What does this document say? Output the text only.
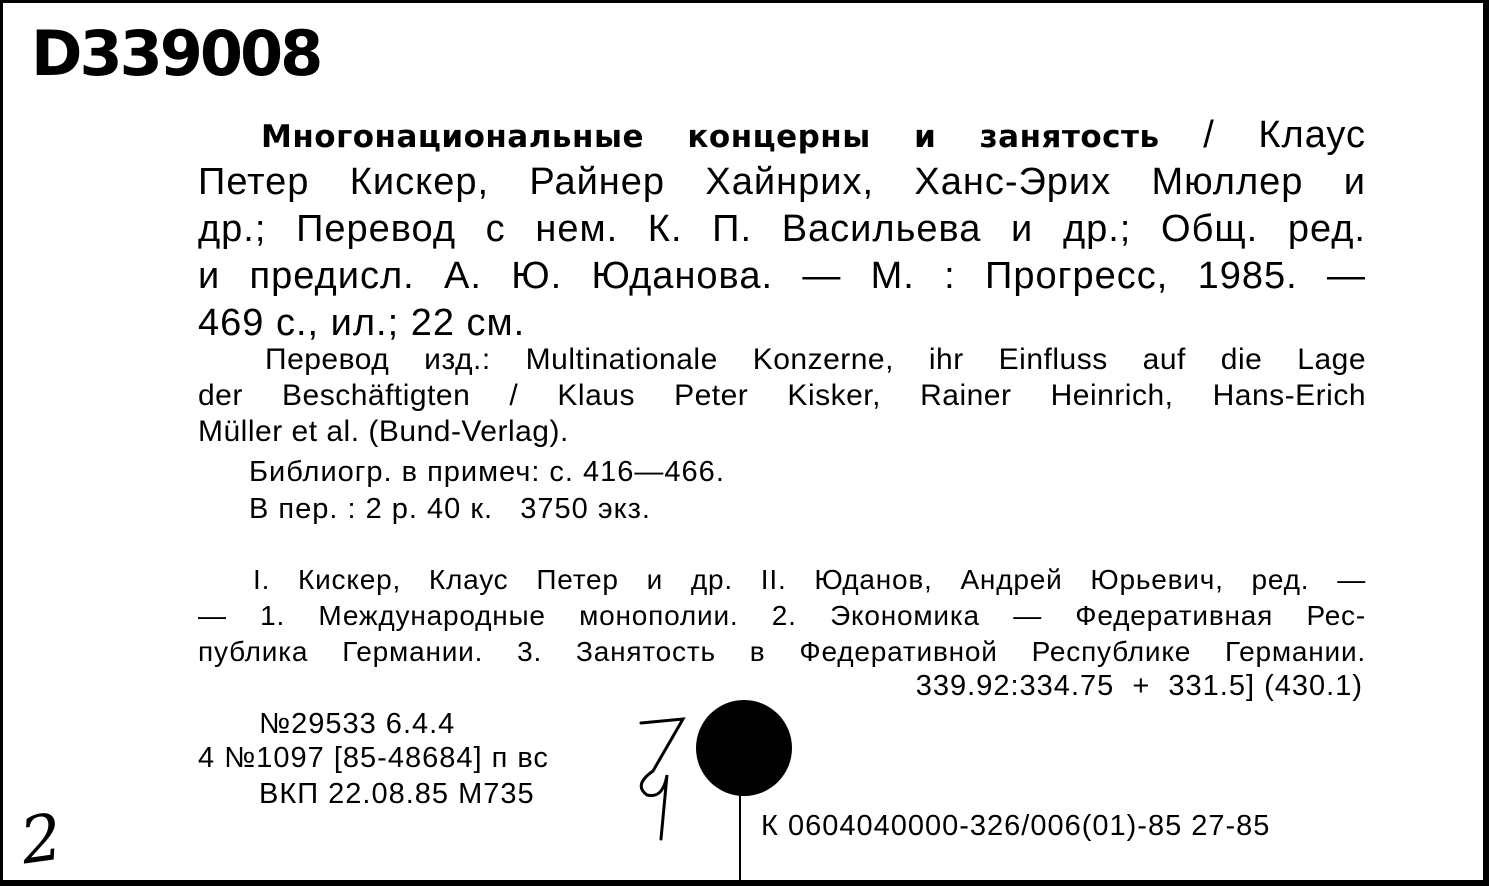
D339008
Многонациональные концерны и занятость / Клаус
Петер Кискер, Райнер Хайнрих, Ханс-Эрих Мюллер и
др.; Перевод с нем. К. П. Васильева и др.; Общ. ред.
и предисл. А. Ю. Юданова. — М. : Прогресс, 1985. —
469 с., ил.; 22 см.
Перевод изд.: Multinationale Konzerne, ihr Einfluss auf die Lage
der Beschäftigten / Klaus Peter Kisker, Rainer Heinrich, Hans-Erich
Müller et al. (Bund-Verlag).
Библиогр. в примеч: с. 416—466.
В пер. : 2 р. 40 к.   3750 экз.
I. Кискер, Клаус Петер и др. II. Юданов, Андрей Юрьевич, ред. —
— 1. Международные монополии. 2. Экономика — Федеративная Рес-
публика Германии. 3. Занятость в Федеративной Республике Германии.
339.92:334.75  +  331.5] (430.1)
№29533 6.4.4
4 №1097 [85-48684] п вс
ВКП 22.08.85 М735
К 0604040000-326/006(01)-85 27-85
2
